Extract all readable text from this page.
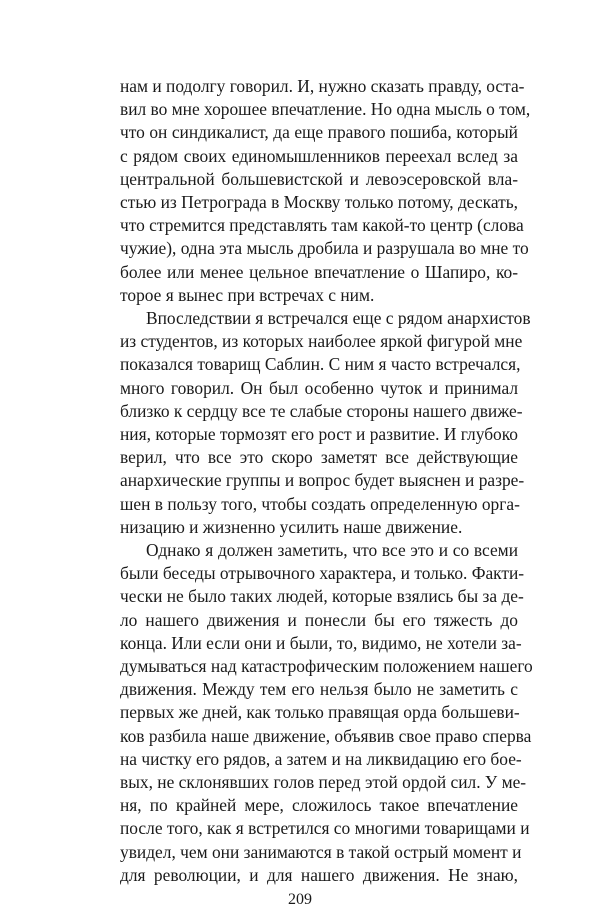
нам и подолгу говорил. И, нужно сказать правду, оста-
вил во мне хорошее впечатление. Но одна мысль о том,
что он синдикалист, да еще правого пошиба, который
с рядом своих единомышленников переехал вслед за
центральной большевистской и левоэсеровской вла-
стью из Петрограда в Москву только потому, дескать,
что стремится представлять там какой-то центр (слова
чужие), одна эта мысль дробила и разрушала во мне то
более или менее цельное впечатление о Шапиро, ко-
торое я вынес при встречах с ним.
Впоследствии я встречался еще с рядом анархистов
из студентов, из которых наиболее яркой фигурой мне
показался товарищ Саблин. С ним я часто встречался,
много говорил. Он был особенно чуток и принимал
близко к сердцу все те слабые стороны нашего движе-
ния, которые тормозят его рост и развитие. И глубоко
верил, что все это скоро заметят все действующие
анархические группы и вопрос будет выяснен и разре-
шен в пользу того, чтобы создать определенную орга-
низацию и жизненно усилить наше движение.
Однако я должен заметить, что все это и со всеми
были беседы отрывочного характера, и только. Факти-
чески не было таких людей, которые взялись бы за де-
ло нашего движения и понесли бы его тяжесть до
конца. Или если они и были, то, видимо, не хотели за-
думываться над катастрофическим положением нашего
движения. Между тем его нельзя было не заметить с
первых же дней, как только правящая орда большеви-
ков разбила наше движение, объявив свое право сперва
на чистку его рядов, а затем и на ликвидацию его бое-
вых, не склонявших голов перед этой ордой сил. У ме-
ня, по крайней мере, сложилось такое впечатление
после того, как я встретился со многими товарищами и
увидел, чем они занимаются в такой острый момент и
для революции, и для нашего движения. Не знаю,
209
